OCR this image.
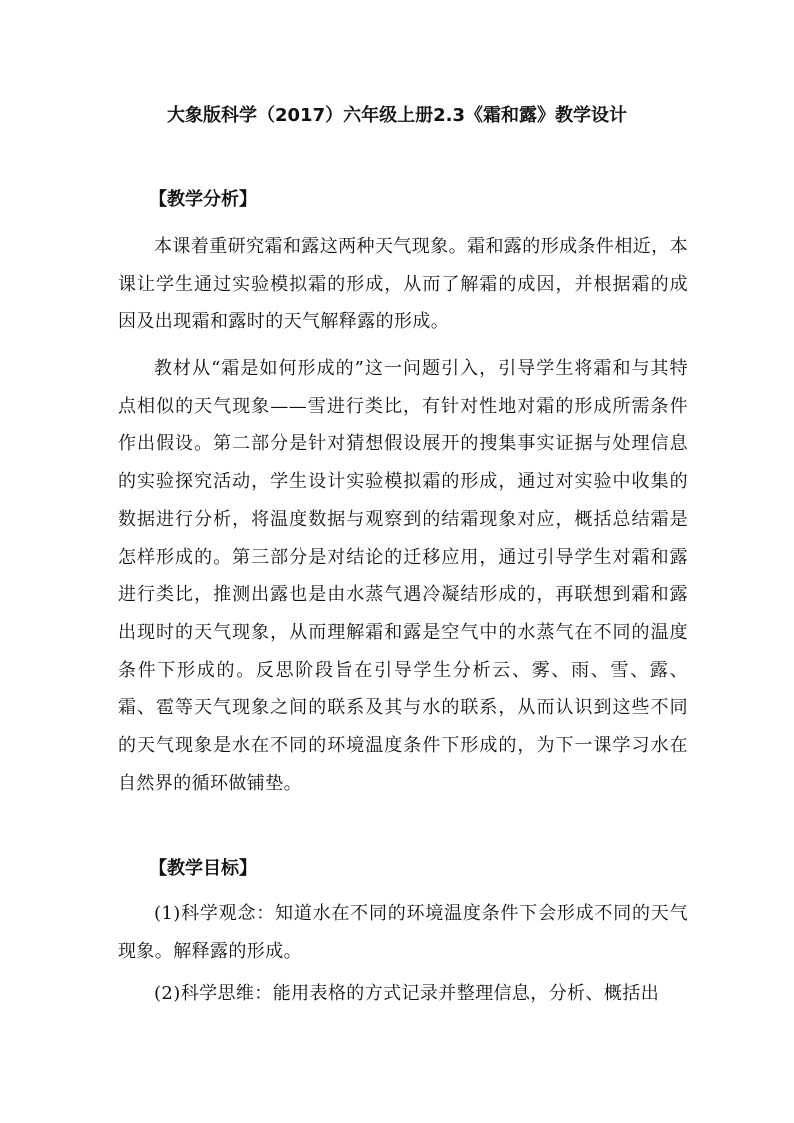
大象版科学（2017）六年级上册2.3《霜和露》教学设计
【教学分析】

本课着重研究霜和露这两种天气现象。霜和露的形成条件相近，本课让学生通过实验模拟霜的形成，从而了解霜的成因，并根据霜的成因及出现霜和露时的天气解释露的形成。

教材从“霜是如何形成的”这一问题引入，引导学生将霜和与其特点相似的天气现象——雪进行类比，有针对性地对霜的形成所需条件作出假设。第二部分是针对猜想假设展开的搜集事实证据与处理信息的实验探究活动，学生设计实验模拟霜的形成，通过对实验中收集的数据进行分析，将温度数据与观察到的结霜现象对应，概括总结霜是怎样形成的。第三部分是对结论的迁移应用，通过引导学生对霜和露进行类比，推测出露也是由水蒸气遇冷凝结形成的，再联想到霜和露出现时的天气现象，从而理解霜和露是空气中的水蒸气在不同的温度条件下形成的。反思阶段旨在引导学生分析云、雾、雨、雪、露、霜、雹等天气现象之间的联系及其与水的联系，从而认识到这些不同的天气现象是水在不同的环境温度条件下形成的，为下一课学习水在自然界的循环做铺垫。

【教学目标】

(1)科学观念：知道水在不同的环境温度条件下会形成不同的天气现象。解释露的形成。

(2)科学思维：能用表格的方式记录并整理信息，分析、概括出
